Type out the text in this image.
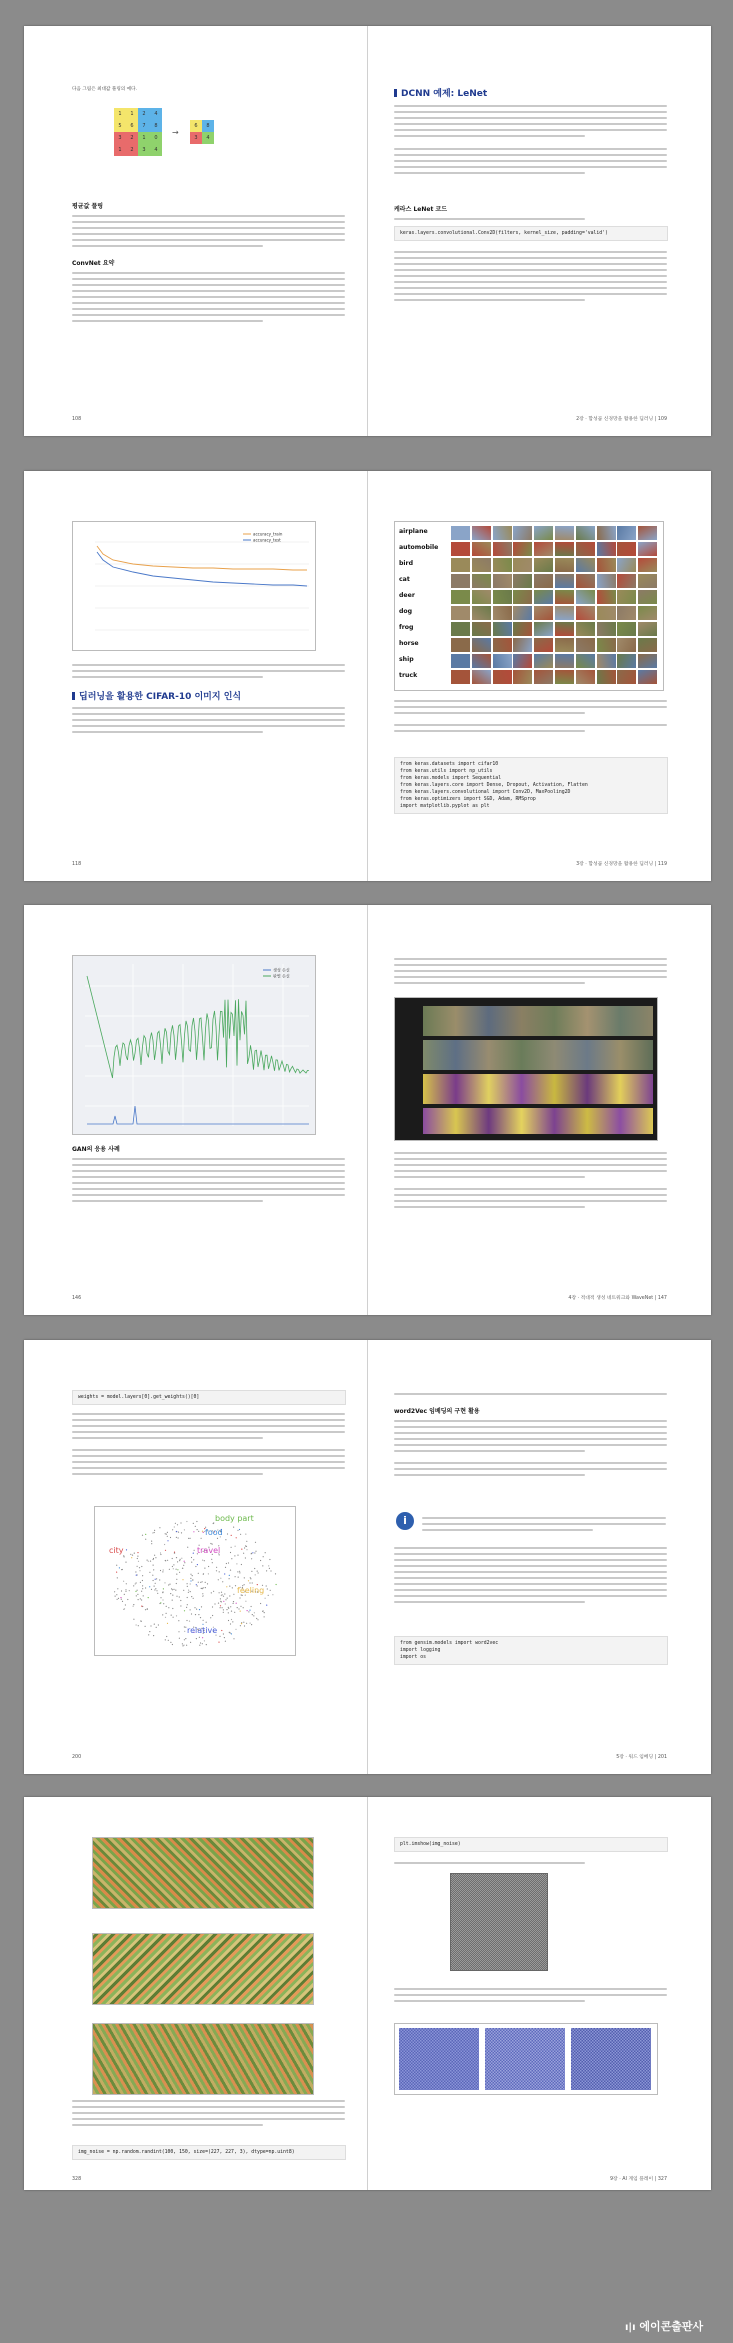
다음 그림은 최대값 풀링의 예다.
1	1	2	4
5	6	7	8
3	2	1	0
1	2	3	4
→
6	8
3	4
평균값 풀링
ConvNet 요약
108
DCNN 예제: LeNet
케라스 LeNet 코드
keras.layers.convolutional.Conv2D(filters, kernel_size, padding='valid')
2장 · 합성곱 신경망을 활용한 딥러닝 | 109
accuracy_train
accuracy_test
딥러닝을 활용한 CIFAR-10 이미지 인식
118
airplane
automobile
bird
cat
deer
dog
frog
horse
ship
truck
from keras.datasets import cifar10
from keras.utils import np_utils
from keras.models import Sequential
from keras.layers.core import Dense, Dropout, Activation, Flatten
from keras.layers.convolutional import Conv2D, MaxPooling2D
from keras.optimizers import SGD, Adam, RMSprop
import matplotlib.pyplot as plt
3장 · 합성곱 신경망을 활용한 딥러닝 | 119
생성 손실
판별 손실
GAN의 응용 사례
146	4장 · 적대적 생성 네트워크와 WaveNet | 147
weights = model.layers[0].get_weights()[0]
body part
food
city	travel
feeling
relative
200
word2Vec 임베딩의 구현 활용
i
from gensim.models import word2vec
import logging
import os
5장 · 워드 임베딩 | 201
img_noise = np.random.randint(100, 150, size=(227, 227, 3), dtype=np.uint8)
328
plt.imshow(img_noise)
9장 · AI 게임 플레이 | 327
ı|ı 에이콘출판사
